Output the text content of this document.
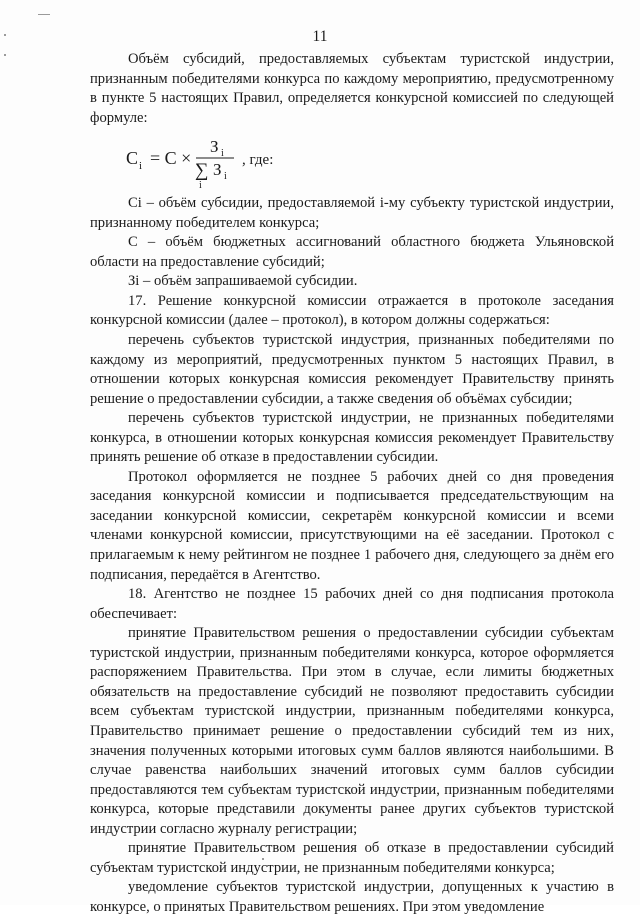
11

Объём субсидий, предоставляемых субъектам туристской индустрии, признанным победителями конкурса по каждому мероприятию, предусмотренному в пункте 5 настоящих Правил, определяется конкурсной комиссией по следующей формуле:

C i = C ×
З i
∑
i
З i
, где:

Ci – объём субсидии, предоставляемой i-му субъекту туристской индустрии, признанному победителем конкурса;

С – объём бюджетных ассигнований областного бюджета Ульяновской области на предоставление субсидий;

Зi – объём запрашиваемой субсидии.

17. Решение конкурсной комиссии отражается в протоколе заседания конкурсной комиссии (далее – протокол), в котором должны содержаться:

перечень субъектов туристской индустрия, признанных победителями по каждому из мероприятий, предусмотренных пунктом 5 настоящих Правил, в отношении которых конкурсная комиссия рекомендует Правительству принять решение о предоставлении субсидии, а также сведения об объёмах субсидии;

перечень субъектов туристской индустрии, не признанных победителями конкурса, в отношении которых конкурсная комиссия рекомендует Правительству принять решение об отказе в предоставлении субсидии.

Протокол оформляется не позднее 5 рабочих дней со дня проведения заседания конкурсной комиссии и подписывается председательствующим на заседании конкурсной комиссии, секретарём конкурсной комиссии и всеми членами конкурсной комиссии, присутствующими на её заседании. Протокол с прилагаемым к нему рейтингом не позднее 1 рабочего дня, следующего за днём его подписания, передаётся в Агентство.

18. Агентство не позднее 15 рабочих дней со дня подписания протокола обеспечивает:

принятие Правительством решения о предоставлении субсидии субъектам туристской индустрии, признанным победителями конкурса, которое оформляется распоряжением Правительства. При этом в случае, если лимиты бюджетных обязательств на предоставление субсидий не позволяют предоставить субсидии всем субъектам туристской индустрии, признанным победителями конкурса, Правительство принимает решение о предоставлении субсидий тем из них, значения полученных которыми итоговых сумм баллов являются наибольшими. В случае равенства наибольших значений итоговых сумм баллов субсидии предоставляются тем субъектам туристской индустрии, признанным победителями конкурса, которые представили документы ранее других субъектов туристской индустрии согласно журналу регистрации;

принятие Правительством решения об отказе в предоставлении субсидий субъектам туристской индустрии, не признанным победителями конкурса;

уведомление субъектов туристской индустрии, допущенных к участию в конкурсе, о принятых Правительством решениях. При этом уведомление
